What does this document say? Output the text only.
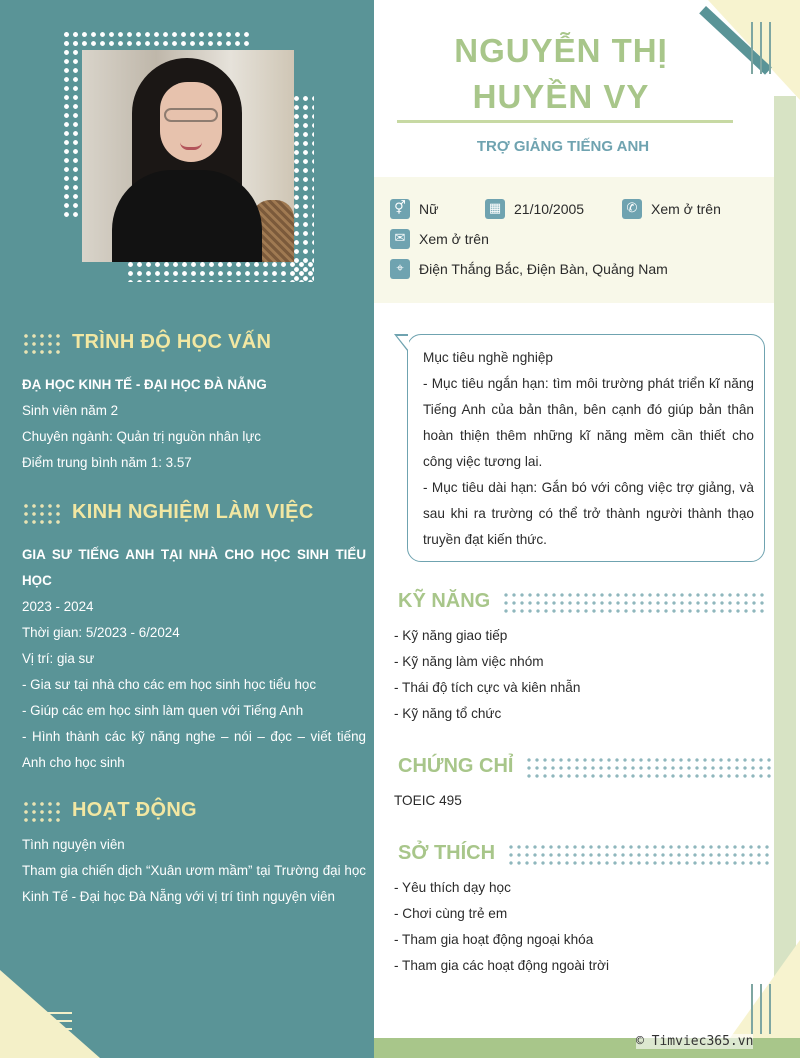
TRÌNH ĐỘ HỌC VẤN
ĐẠ HỌC KINH TẾ - ĐẠI HỌC ĐÀ NẴNG
Sinh viên năm 2
Chuyên ngành: Quản trị nguồn nhân lực
Điểm trung bình năm 1: 3.57
KINH NGHIỆM LÀM VIỆC
GIA SƯ TIẾNG ANH TẠI NHÀ CHO HỌC SINH TIỂU HỌC
2023 - 2024
Thời gian: 5/2023 - 6/2024
Vị trí: gia sư
- Gia sư tại nhà cho các em học sinh học tiểu học
- Giúp các em học sinh làm quen với Tiếng Anh
- Hình thành các kỹ năng nghe – nói – đọc – viết tiếng Anh cho học sinh
HOẠT ĐỘNG
Tình nguyện viên
Tham gia chiến dịch “Xuân ươm mầm” tại Trường đại học Kinh Tế - Đại học Đà Nẵng với vị trí tình nguyện viên
NGUYỄN THỊ
HUYỀN VY
TRỢ GIẢNG TIẾNG ANH
⚥ Nữ	▦ 21/10/2005	✆ Xem ở trên
✉ Xem ở trên
⌖	Điện Thắng Bắc, Điện Bàn, Quảng Nam

Mục tiêu nghề nghiệp

- Mục tiêu ngắn hạn: tìm môi trường phát triển kĩ năng Tiếng Anh của bản thân, bên cạnh đó giúp bản thân hoàn thiện thêm những kĩ năng mềm cần thiết cho công việc tương lai.

- Mục tiêu dài hạn: Gắn bó với công việc trợ giảng, và sau khi ra trường có thể trở thành người thành thạo truyền đạt kiến thức.

KỸ NĂNG
- Kỹ năng giao tiếp
- Kỹ năng làm việc nhóm
- Thái độ tích cực và kiên nhẫn
- Kỹ năng tổ chức
CHỨNG CHỈ
TOEIC 495
SỞ THÍCH
- Yêu thích dạy học
- Chơi cùng trẻ em
- Tham gia hoạt động ngoại khóa
- Tham gia các hoạt động ngoài trời
© Timviec365.vn
